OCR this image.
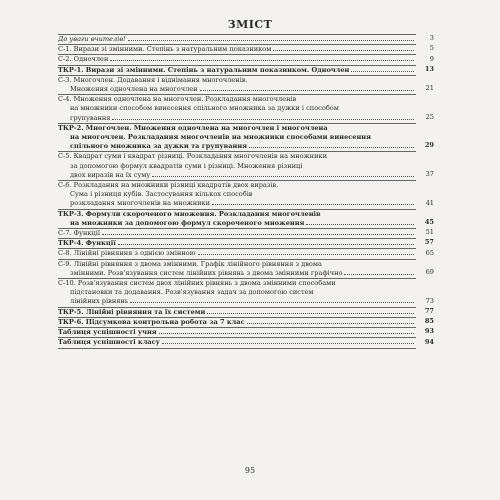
ЗМІСТ
До уваги вчителів!	3
С-1. Вирази зі змінними. Степінь з натуральним показником	5
С-2. Одночлен	9
ТКР-1. Вирази зі змінними. Степінь з натуральним показником. Одночлен	13
С-3. Многочлен. Додавання і віднімання многочленів.
Множення одночлена на многочлен	21
С-4. Множення одночлена на многочлен. Розкладання многочленів
на множники способом винесення спільного множника за дужки і способом
групування	25
ТКР-2. Многочлен. Множення одночлена на многочлен і многочлена
на многочлен. Розкладання многочленів на множники способами винесення
спільного множника за дужки та групування	29
С-5. Квадрат суми і квадрат різниці. Розкладання многочленів на множники
за допомогою формул квадратів суми і різниці. Множення різниці
двох виразів на їх суму	37
С-6. Розкладання на множники різниці квадратів двох виразів.
Сума і різниця кубів. Застосування кількох способів
розкладання многочленів на множники	41
ТКР-3. Формули скороченого множення. Розкладання многочленів
на множники за допомогою формул скороченого множення	45
С-7. Функції	51
ТКР-4. Функції	57
С-8. Лінійні рівняння з однією змінною	65
С-9. Лінійні рівняння з двома змінними. Графік лінійного рівняння з двома
змінними. Розв'язування систем лінійних рівнянь з двома змінними графічно	69
С-10. Розв'язування систем двох лінійних рівнянь з двома змінними способами
підстановки та додавання. Розв'язування задач за допомогою систем
лінійних рівнянь	73
ТКР-5. Лінійні рівняння та їх системи	77
ТКР-6. Підсумкова контрольна робота за 7 клас	85
Таблиця успішності учня	93
Таблиця успішності класу	94
95
